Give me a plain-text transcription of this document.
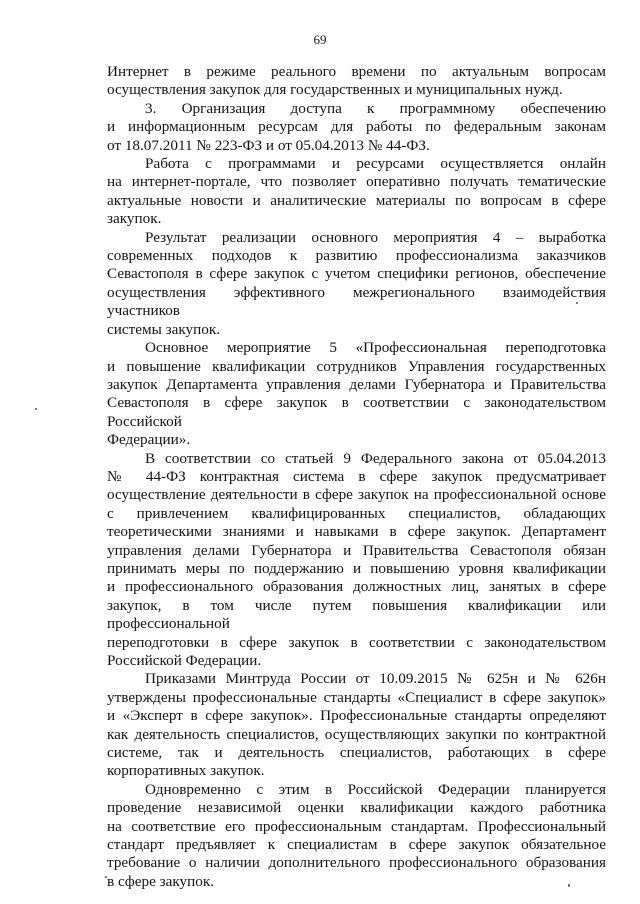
69
Интернет в режиме реального времени по актуальным вопросам
осуществления закупок для государственных и муниципальных нужд.
3. Организация доступа к программному обеспечению
и информационным ресурсам для работы по федеральным законам
от 18.07.2011 № 223-ФЗ и от 05.04.2013 № 44-ФЗ.
Работа с программами и ресурсами осуществляется онлайн
на интернет-портале, что позволяет оперативно получать тематические
актуальные новости и аналитические материалы по вопросам в сфере
закупок.
Результат реализации основного мероприятия 4 – выработка
современных подходов к развитию профессионализма заказчиков
Севастополя в сфере закупок с учетом специфики регионов, обеспечение
осуществления эффективного межрегионального взаимодействия участников
системы закупок.
Основное мероприятие 5 «Профессиональная переподготовка
и повышение квалификации сотрудников Управления государственных
закупок Департамента управления делами Губернатора и Правительства
Севастополя в сфере закупок в соответствии с законодательством Российской
Федерации».
В соответствии со статьей 9 Федерального закона от 05.04.2013
№ 44-ФЗ контрактная система в сфере закупок предусматривает
осуществление деятельности в сфере закупок на профессиональной основе
с привлечением квалифицированных специалистов, обладающих
теоретическими знаниями и навыками в сфере закупок. Департамент
управления делами Губернатора и Правительства Севастополя обязан
принимать меры по поддержанию и повышению уровня квалификации
и профессионального образования должностных лиц, занятых в сфере
закупок, в том числе путем повышения квалификации или профессиональной
переподготовки в сфере закупок в соответствии с законодательством
Российской Федерации.
Приказами Минтруда России от 10.09.2015 № 625н и № 626н
утверждены профессиональные стандарты «Специалист в сфере закупок»
и «Эксперт в сфере закупок». Профессиональные стандарты определяют
как деятельность специалистов, осуществляющих закупки по контрактной
системе, так и деятельность специалистов, работающих в сфере
корпоративных закупок.
Одновременно с этим в Российской Федерации планируется
проведение независимой оценки квалификации каждого работника
на соответствие его профессиональным стандартам. Профессиональный
стандарт предъявляет к специалистам в сфере закупок обязательное
требование о наличии дополнительного профессионального образования
в сфере закупок.
